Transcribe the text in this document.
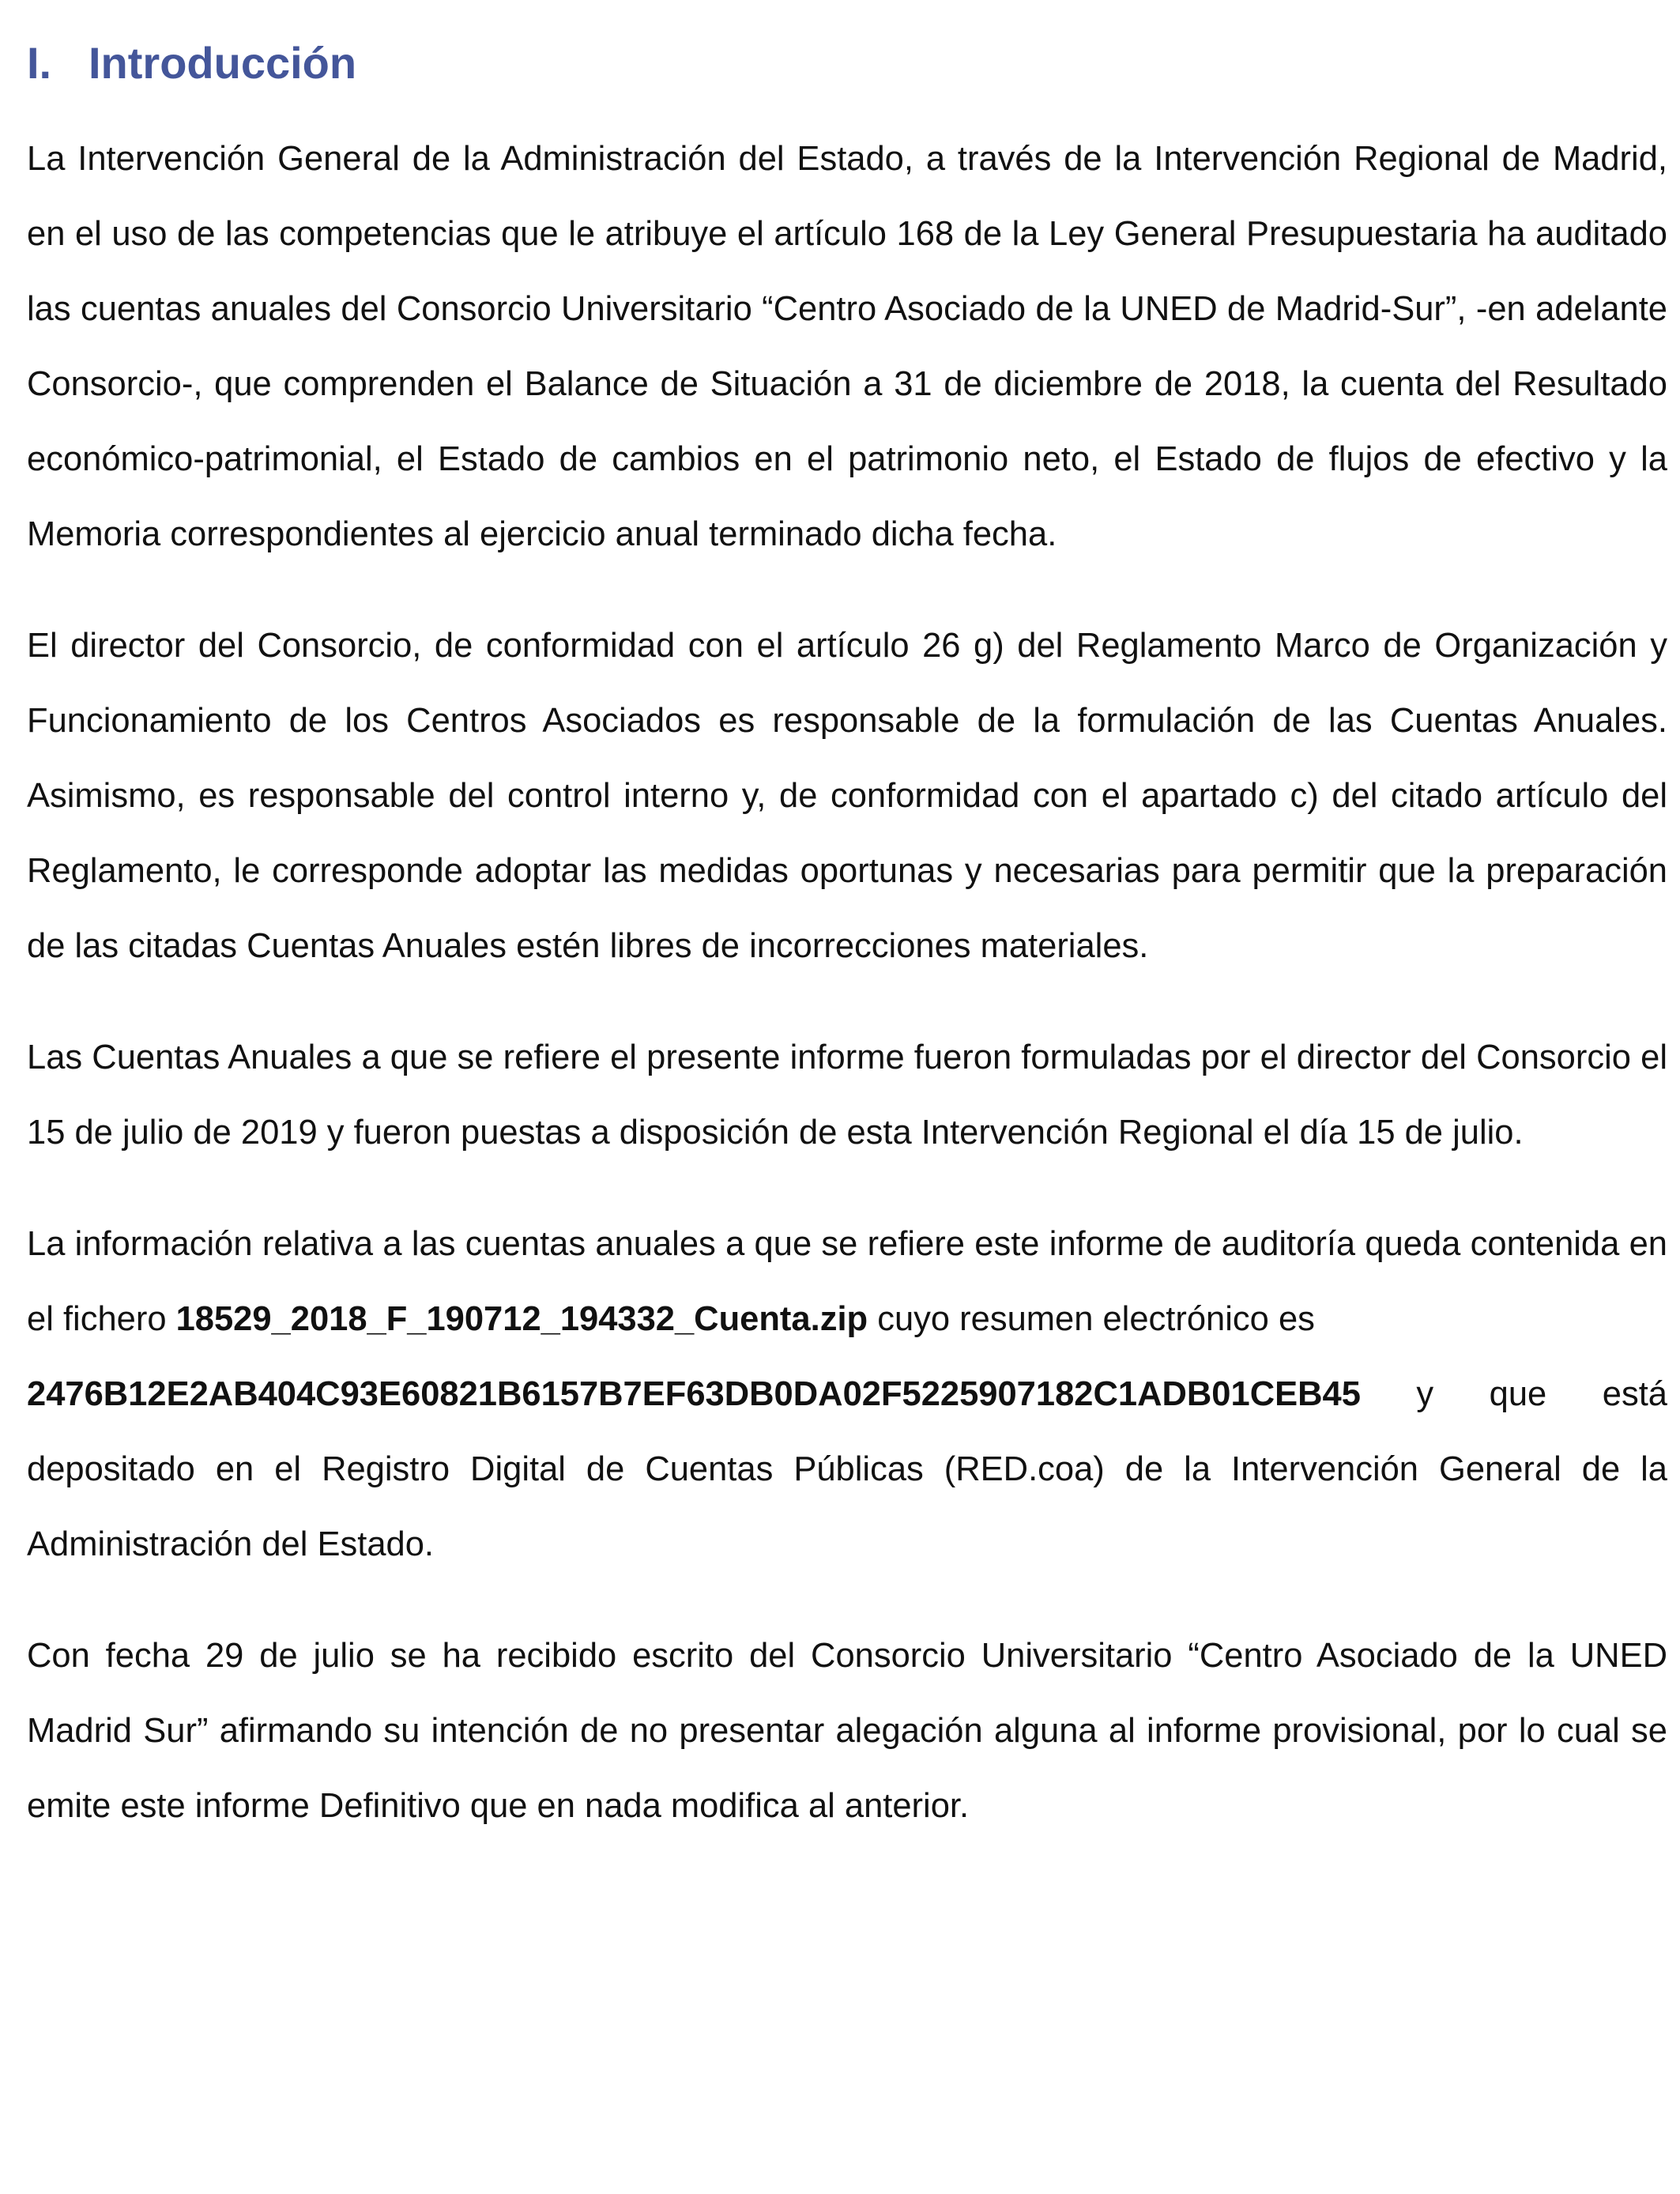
I. Introducción

La Intervención General de la Administración del Estado, a través de la Intervención Regional de Madrid, en el uso de las competencias que le atribuye el artículo 168 de la Ley General Presupuestaria ha auditado las cuentas anuales del Consorcio Universitario “Centro Asociado de la UNED de Madrid-Sur”, -en adelante Consorcio-, que comprenden el Balance de Situación a 31 de diciembre de 2018, la cuenta del Resultado económico-patrimonial, el Estado de cambios en el patrimonio neto, el Estado de flujos de efectivo y la Memoria correspondientes al ejercicio anual terminado dicha fecha.

El director del Consorcio, de conformidad con el artículo 26 g) del Reglamento Marco de Organización y Funcionamiento de los Centros Asociados es responsable de la formulación de las Cuentas Anuales. Asimismo, es responsable del control interno y, de conformidad con el apartado c) del citado artículo del Reglamento, le corresponde adoptar las medidas oportunas y necesarias para permitir que la preparación de las citadas Cuentas Anuales estén libres de incorrecciones materiales.

Las Cuentas Anuales a que se refiere el presente informe fueron formuladas por el director del Consorcio el 15 de julio de 2019 y fueron puestas a disposición de esta Intervención Regional el día 15 de julio.

La información relativa a las cuentas anuales a que se refiere este informe de auditoría queda contenida en el fichero 18529_2018_F_190712_194332_Cuenta.zip cuyo resumen electrónico es
2476B12E2AB404C93E60821B6157B7EF63DB0DA02F5225907182C1ADB01CEB45 y que está
depositado en el Registro Digital de Cuentas Públicas (RED.coa) de la Intervención General de la Administración del Estado.

Con fecha 29 de julio se ha recibido escrito del Consorcio Universitario “Centro Asociado de la UNED Madrid Sur” afirmando su intención de no presentar alegación alguna al informe provisional, por lo cual se emite este informe Definitivo que en nada modifica al anterior.
